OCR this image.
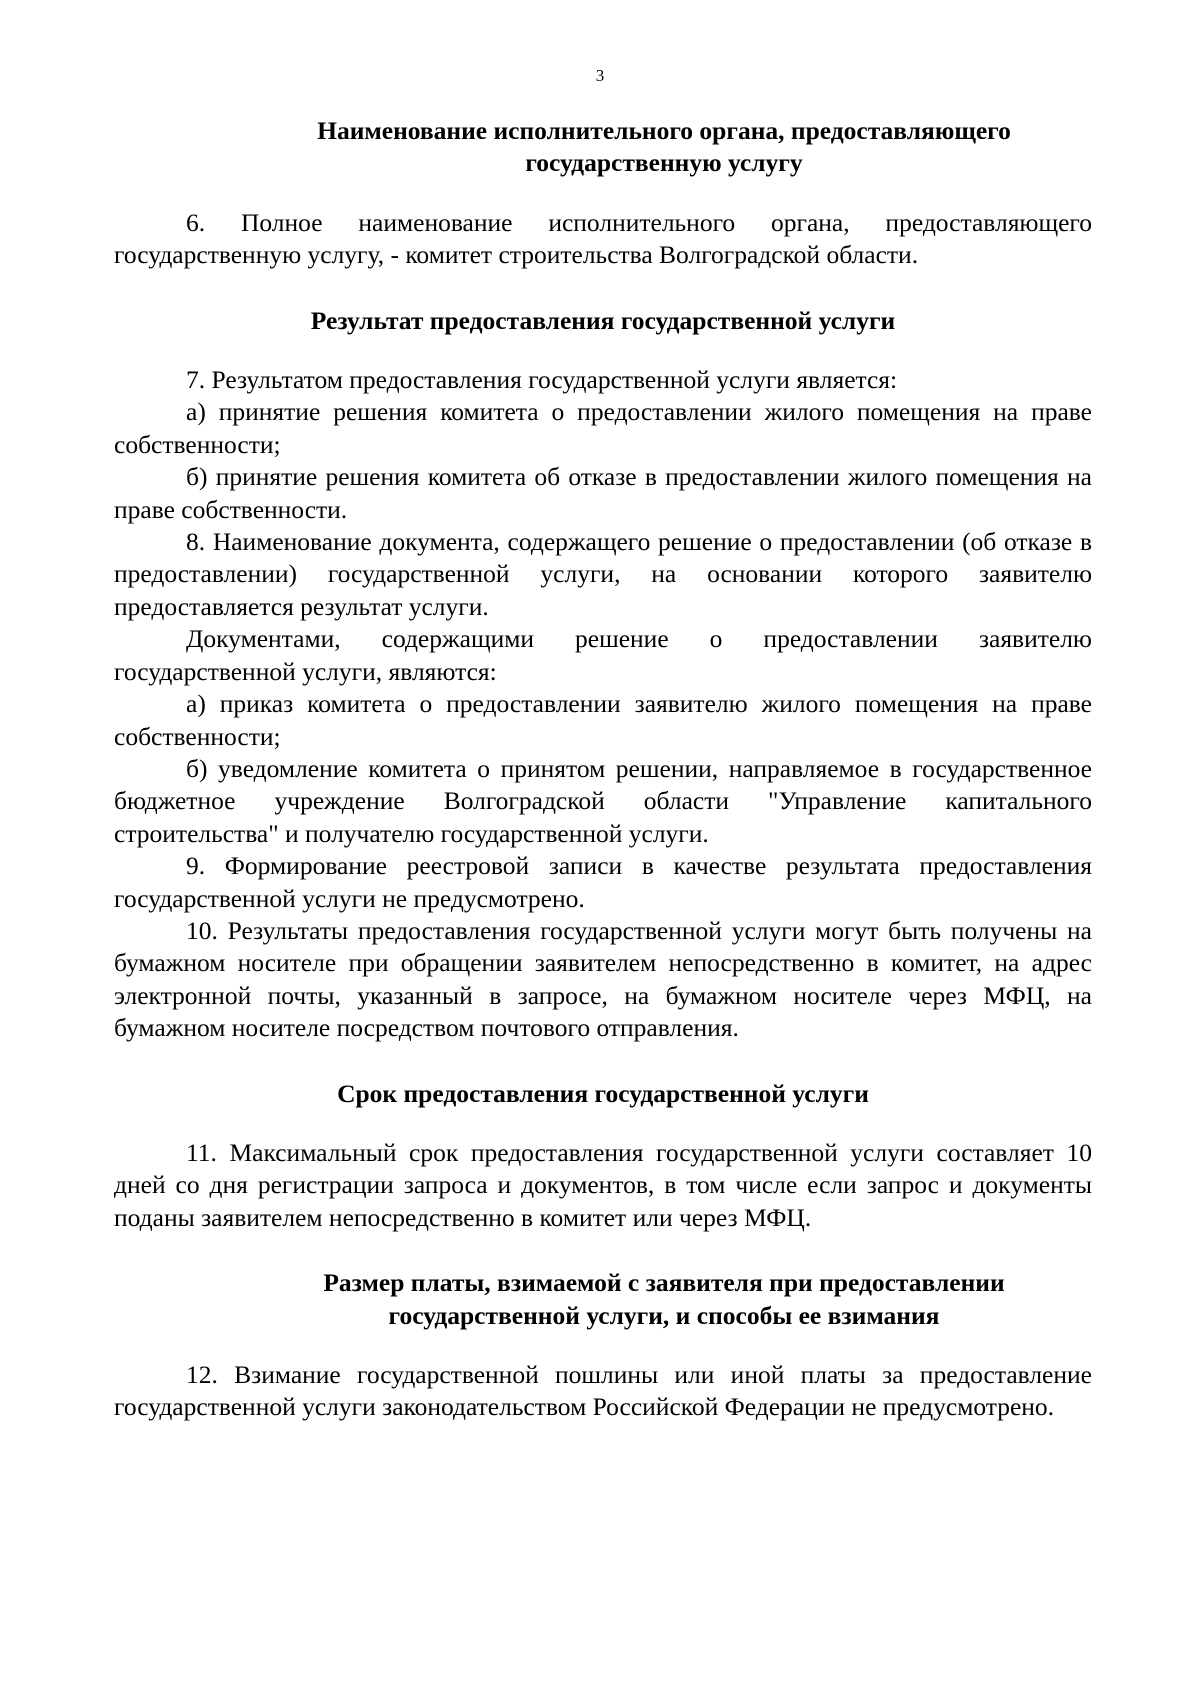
3
Наименование исполнительного органа, предоставляющего государственную услугу

6. Полное наименование исполнительного органа, предоставляющего государственную услугу, - комитет строительства Волгоградской области.

Результат предоставления государственной услуги

7. Результатом предоставления государственной услуги является:

а) принятие решения комитета о предоставлении жилого помещения на праве собственности;

б) принятие решения комитета об отказе в предоставлении жилого помещения на праве собственности.

8. Наименование документа, содержащего решение о предоставлении (об отказе в предоставлении) государственной услуги, на основании которого заявителю предоставляется результат услуги.

Документами, содержащими решение о предоставлении заявителю государственной услуги, являются:

а) приказ комитета о предоставлении заявителю жилого помещения на праве собственности;

б) уведомление комитета о принятом решении, направляемое в государственное бюджетное учреждение Волгоградской области "Управление капитального строительства" и получателю государственной услуги.

9. Формирование реестровой записи в качестве результата предоставления государственной услуги не предусмотрено.

10. Результаты предоставления государственной услуги могут быть получены на бумажном носителе при обращении заявителем непосредственно в комитет, на адрес электронной почты, указанный в запросе, на бумажном носителе через МФЦ, на бумажном носителе посредством почтового отправления.

Срок предоставления государственной услуги

11. Максимальный срок предоставления государственной услуги составляет 10 дней со дня регистрации запроса и документов, в том числе если запрос и документы поданы заявителем непосредственно в комитет или через МФЦ.

Размер платы, взимаемой с заявителя при предоставлении государственной услуги, и способы ее взимания

12. Взимание государственной пошлины или иной платы за предоставление государственной услуги законодательством Российской Федерации не предусмотрено.
